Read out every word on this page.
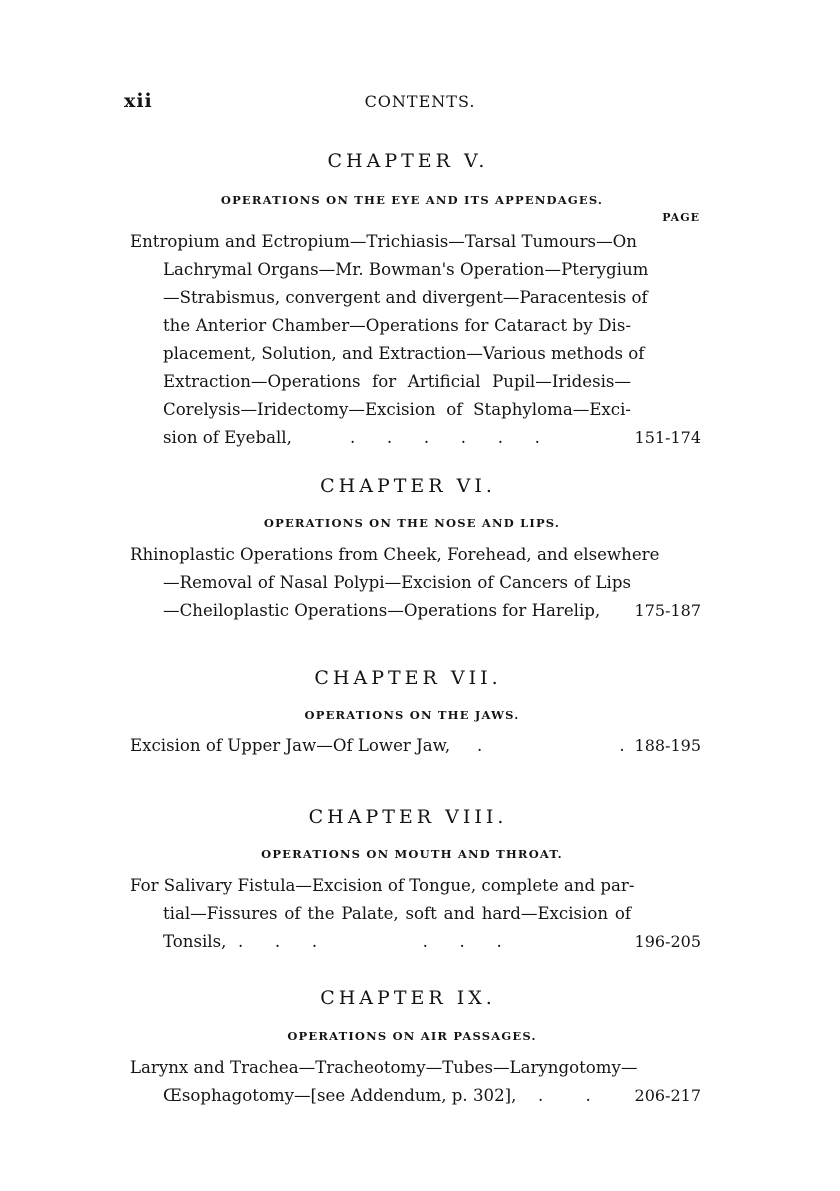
xii	CONTENTS.
CHAPTER V.
OPERATIONS ON THE EYE AND ITS APPENDAGES.
PAGE
Entropium and Ectropium—Trichiasis—Tarsal Tumours—On
Lachrymal Organs—Mr. Bowman's Operation—Pterygium
—Strabismus, convergent and divergent—Paracentesis of
the Anterior Chamber—Operations for Cataract by Dis-
placement, Solution, and Extraction—Various methods of
Extraction—Operations for Artificial Pupil—Iridesis—
Corelysis—Iridectomy—Excision of Staphyloma—Exci-
sion of Eyeball,	.      .      .      .      .      .	151-174
CHAPTER VI.
OPERATIONS ON THE NOSE AND LIPS.
Rhinoplastic Operations from Cheek, Forehead, and elsewhere
—Removal of Nasal Polypi—Excision of Cancers of Lips
—Cheiloplastic Operations—Operations for Harelip, 175-187
CHAPTER VII.
OPERATIONS ON THE JAWS.
Excision of Upper Jaw—Of Lower Jaw, .                          . 188-195
CHAPTER VIII.
OPERATIONS ON MOUTH AND THROAT.
For Salivary Fistula—Excision of Tongue, complete and par-
tial—Fissures of the Palate, soft and hard—Excision of
Tonsils, .      .      .                    .      .      .	196-205
CHAPTER IX.
OPERATIONS ON AIR PASSAGES.
Larynx and Trachea—Tracheotomy—Tubes—Laryngotomy—
Œsophagotomy—[see Addendum, p. 302], .        .	206-217
